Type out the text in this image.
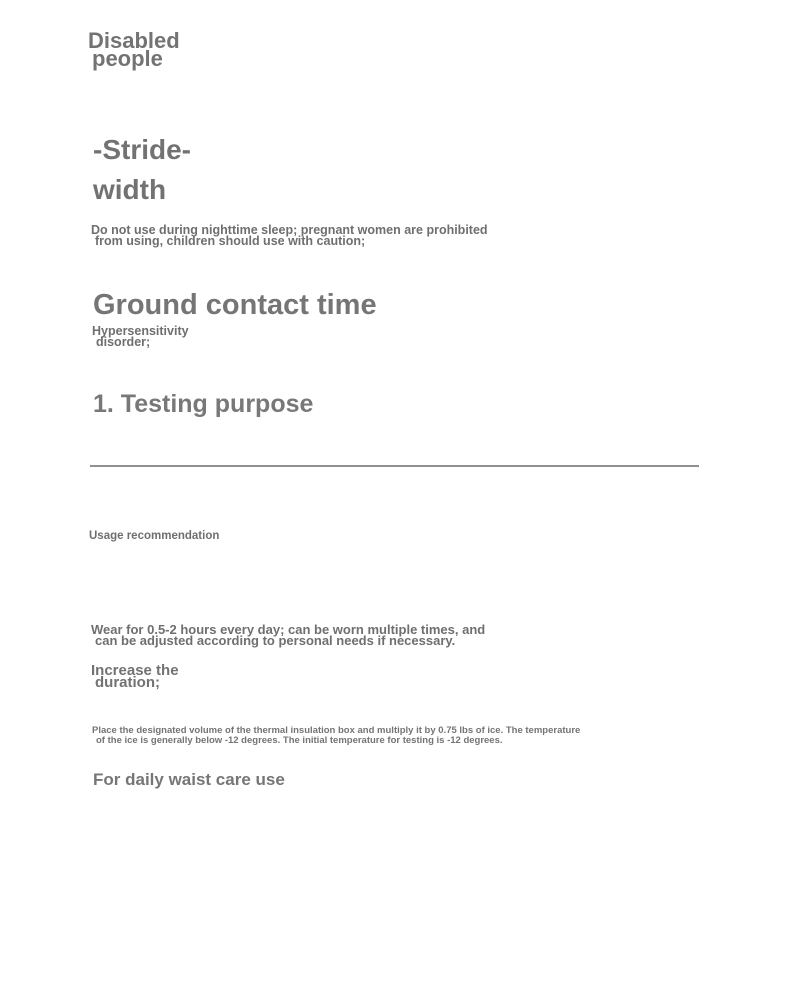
Disabled
people
-Stride-
width
Do not use during nighttime sleep; pregnant women are prohibited
from using, children should use with caution;
Ground contact time
Hypersensitivity
disorder;
1. Testing purpose
Usage recommendation
Wear for 0.5-2 hours every day; can be worn multiple times, and
can be adjusted according to personal needs if necessary.
Increase the
duration;
Place the designated volume of the thermal insulation box and multiply it by 0.75 lbs of ice. The temperature
of the ice is generally below -12 degrees. The initial temperature for testing is -12 degrees.
For daily waist care use
